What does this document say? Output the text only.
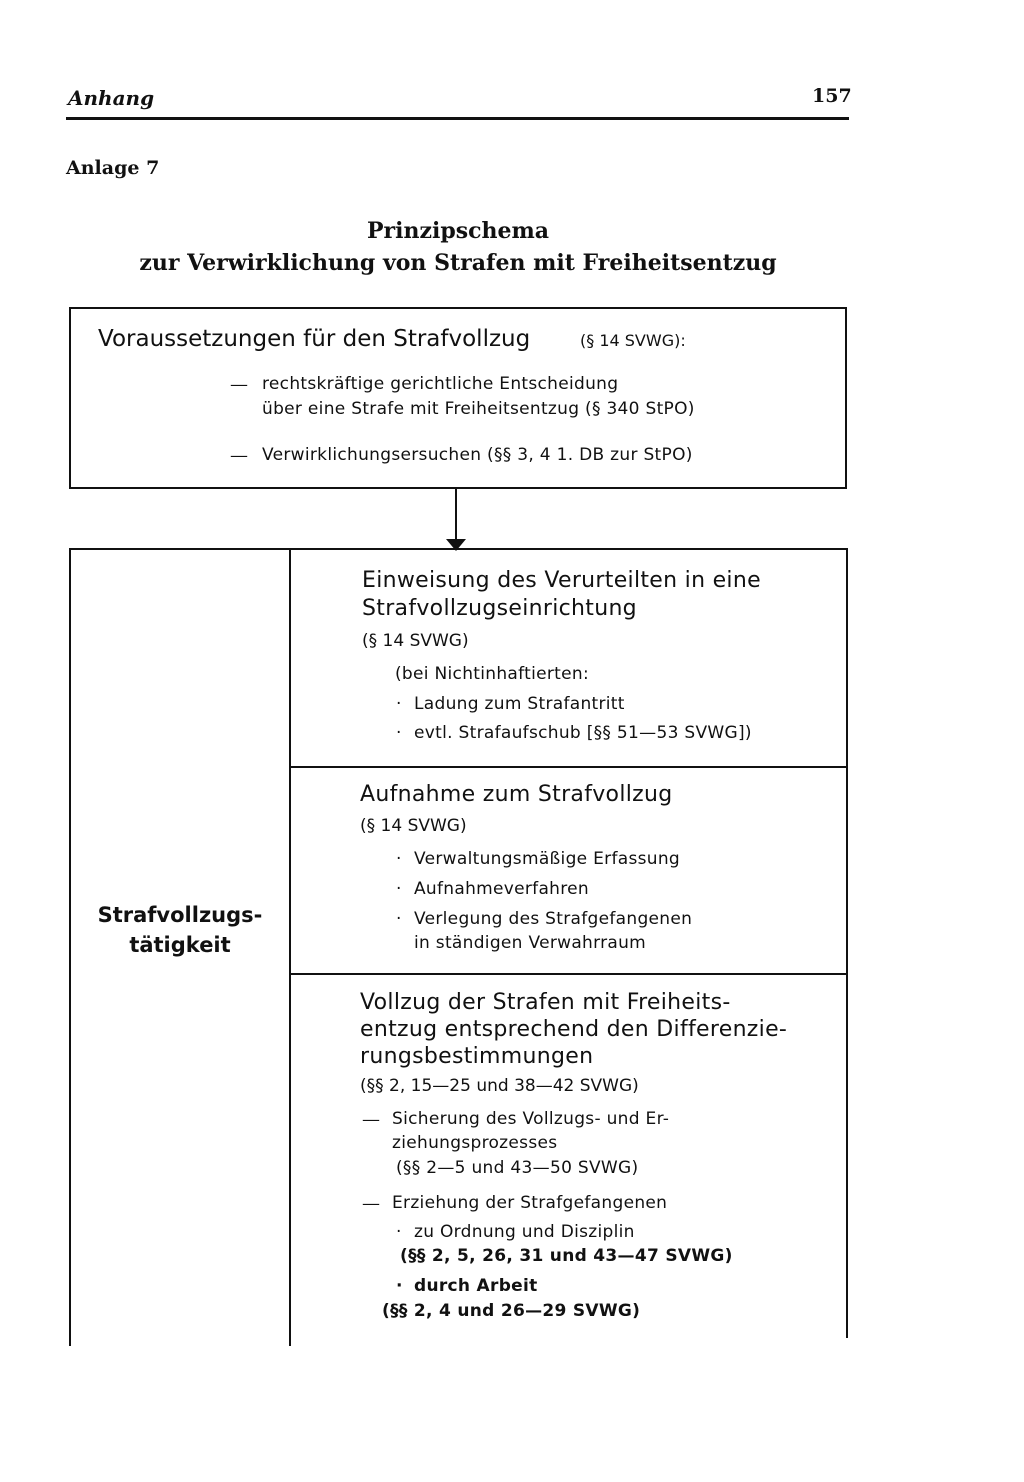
Anhang	157
Anlage 7
Prinzipschema
zur Verwirklichung von Strafen mit Freiheitsentzug
Voraussetzungen für den Strafvollzug	(§ 14 SVWG):
— rechtskräftige gerichtliche Entscheidung
über eine Strafe mit Freiheitsentzug (§ 340 StPO)
— Verwirklichungsersuchen (§§ 3, 4 1. DB zur StPO)
Strafvollzugs- tätigkeit
Einweisung des Verurteilten in eine
Strafvollzugseinrichtung
(§ 14 SVWG)
(bei Nichtinhaftierten:
· Ladung zum Strafantritt
· evtl. Strafaufschub [§§ 51—53 SVWG])
Aufnahme zum Strafvollzug
(§ 14 SVWG)
· Verwaltungsmäßige Erfassung
· Aufnahmeverfahren
· Verlegung des Strafgefangenen
in ständigen Verwahrraum
Vollzug der Strafen mit Freiheits-
entzug entsprechend den Differenzie-
rungsbestimmungen
(§§ 2, 15—25 und 38—42 SVWG)
— Sicherung des Vollzugs- und Er-
ziehungsprozesses
(§§ 2—5 und 43—50 SVWG)
— Erziehung der Strafgefangenen
· zu Ordnung und Disziplin
(§§ 2, 5, 26, 31 und 43—47 SVWG)
· durch Arbeit
(§§ 2, 4 und 26—29 SVWG)
